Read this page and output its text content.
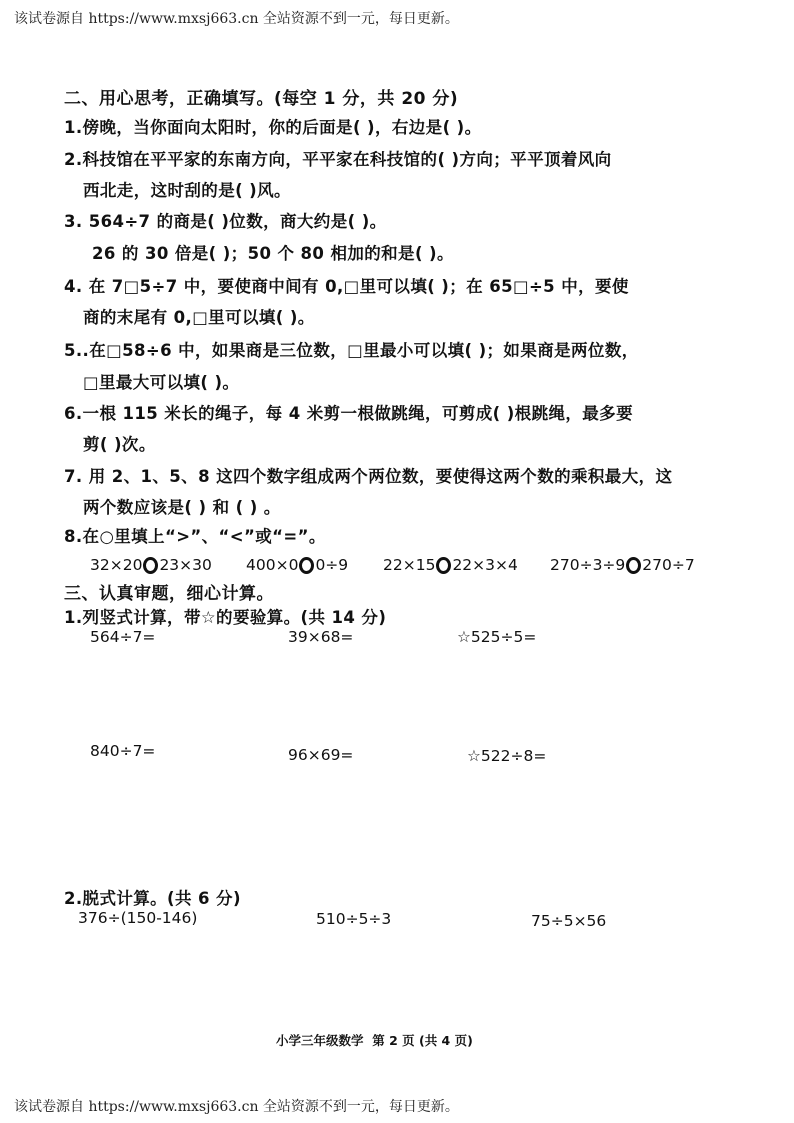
该试卷源自 https://www.mxsj663.cn 全站资源不到一元，每日更新。
二、用心思考，正确填写。(每空 1 分，共 20 分)
1.傍晚，当你面向太阳时，你的后面是( )，右边是( )。
2.科技馆在平平家的东南方向，平平家在科技馆的( )方向；平平顶着风向
西北走，这时刮的是( )风。
3. 564÷7 的商是( )位数，商大约是( )。
26 的 30 倍是( )；50 个 80 相加的和是( )。
4. 在 7□5÷7 中，要使商中间有 0,□里可以填( )；在 65□÷5 中，要使
商的末尾有 0,□里可以填( )。
5..在□58÷6 中，如果商是三位数，□里最小可以填( )；如果商是两位数，
□里最大可以填( )。
6.一根 115 米长的绳子，每 4 米剪一根做跳绳，可剪成( )根跳绳，最多要
剪( )次。
7. 用 2、1、5、8 这四个数字组成两个两位数，要使得这两个数的乘积最大，这
两个数应该是( ) 和 ( ) 。
8.在○里填上“>”、“<”或“=”。
32×20 23×30 400×0 0÷9 22×15 22×3×4 270÷3÷9 270÷7
三、认真审题，细心计算。
1.列竖式计算，带☆的要验算。(共 14 分)
564÷7=	39×68=	☆525÷5=
840÷7=	96×69=	☆522÷8=
2.脱式计算。(共 6 分)
376÷(150-146)	510÷5÷3	75÷5×56
小学三年级数学 第 2 页 (共 4 页)
该试卷源自 https://www.mxsj663.cn 全站资源不到一元，每日更新。
